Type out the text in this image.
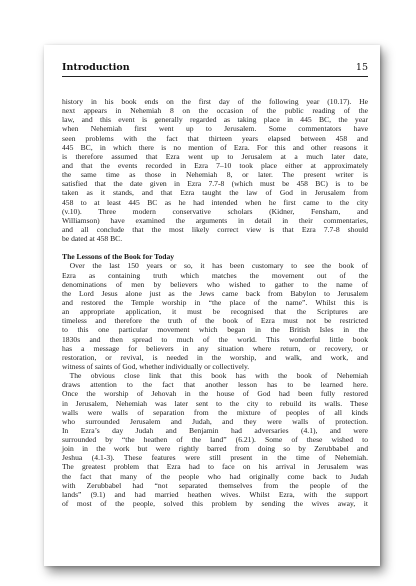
Introduction	15
history in his book ends on the first day of the following year (10.17). He
next appears in Nehemiah 8 on the occasion of the public reading of the
law, and this event is generally regarded as taking place in 445 BC, the year
when Nehemiah first went up to Jerusalem. Some commentators have
seen problems with the fact that thirteen years elapsed between 458 and
445 BC, in which there is no mention of Ezra. For this and other reasons it
is therefore assumed that Ezra went up to Jerusalem at a much later date,
and that the events recorded in Ezra 7–10 took place either at approximately
the same time as those in Nehemiah 8, or later. The present writer is
satisfied that the date given in Ezra 7.7-8 (which must be 458 BC) is to be
taken as it stands, and that Ezra taught the law of God in Jerusalem from
458 to at least 445 BC as he had intended when he first came to the city
(v.10). Three modern conservative scholars (Kidner, Fensham, and
Williamson) have examined the arguments in detail in their commentaries,
and all conclude that the most likely correct view is that Ezra 7.7-8 should
be dated at 458 BC.
The Lessons of the Book for Today
 Over the last 150 years or so, it has been customary to see the book of
Ezra as containing truth which matches the movement out of the
denominations of men by believers who wished to gather to the name of
the Lord Jesus alone just as the Jews came back from Babylon to Jerusalem
and restored the Temple worship in “the place of the name”. Whilst this is
an appropriate application, it must be recognised that the Scriptures are
timeless and therefore the truth of the book of Ezra must not be restricted
to this one particular movement which began in the British Isles in the
1830s and then spread to much of the world. This wonderful little book
has a message for believers in any situation where return, or recovery, or
restoration, or revival, is needed in the worship, and walk, and work, and
witness of saints of God, whether individually or collectively.
 The obvious close link that this book has with the book of Nehemiah
draws attention to the fact that another lesson has to be learned here.
Once the worship of Jehovah in the house of God had been fully restored
in Jerusalem, Nehemiah was later sent to the city to rebuild its walls. These
walls were walls of separation from the mixture of peoples of all kinds
who surrounded Jerusalem and Judah, and they were walls of protection.
In Ezra’s day Judah and Benjamin had adversaries (4.1), and were
surrounded by “the heathen of the land” (6.21). Some of these wished to
join in the work but were rightly barred from doing so by Zerubbabel and
Jeshua (4.1-3). These features were still present in the time of Nehemiah.
The greatest problem that Ezra had to face on his arrival in Jerusalem was
the fact that many of the people who had originally come back to Judah
with Zerubbabel had “not separated themselves from the people of the
lands” (9.1) and had married heathen wives. Whilst Ezra, with the support
of most of the people, solved this problem by sending the wives away, it
